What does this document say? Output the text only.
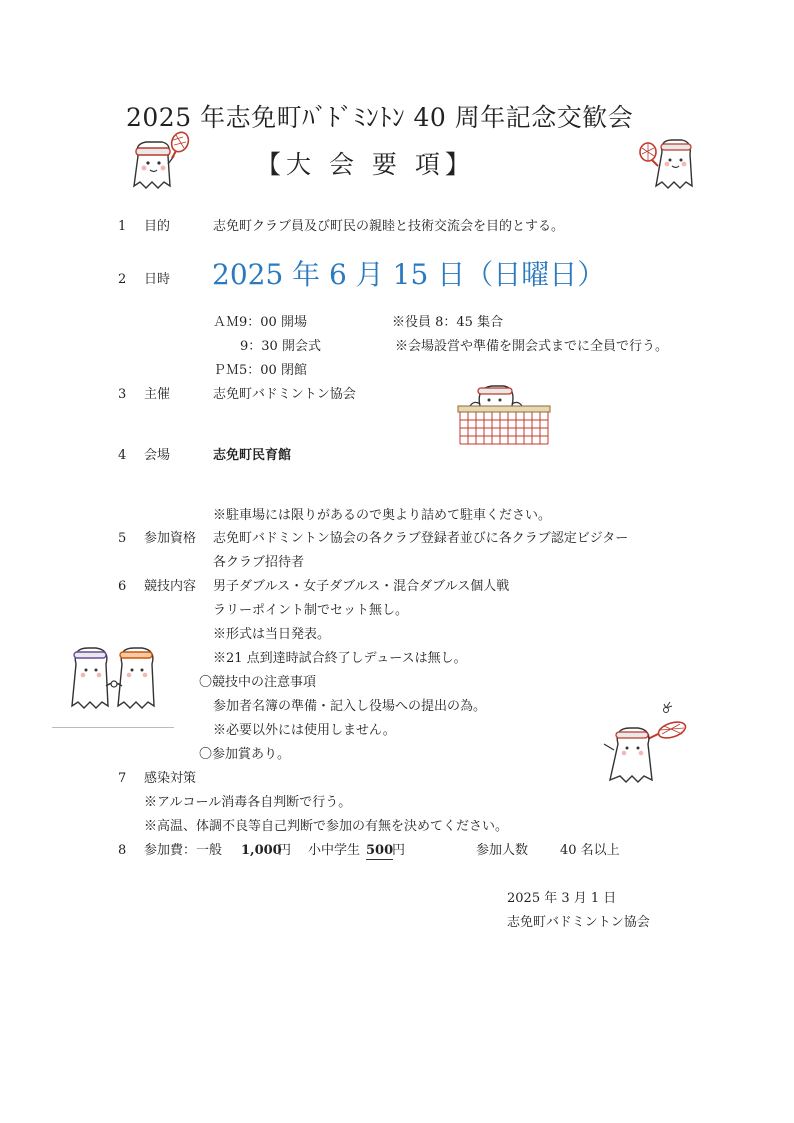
2025 年志免町ﾊﾞﾄﾞﾐﾝﾄﾝ 40 周年記念交歓会
【大 会 要 項】
1 目的	志免町クラブ員及び町民の親睦と技術交流会を目的とする。
2 日時 2025 年 6 月 15 日（日曜日）
ＡＭ9：00 開場
9：30 開会式
ＰＭ5：00 閉館
※役員 8：45 集合
※会場設営や準備を開会式までに全員で行う。
3 主催	志免町バドミントン協会
4 会場	志免町民育館
※駐車場には限りがあるので奥より詰めて駐車ください。
5 参加資格 志免町バドミントン協会の各クラブ登録者並びに各クラブ認定ビジター
各クラブ招待者
6 競技内容 男子ダブルス・女子ダブルス・混合ダブルス個人戦
ラリーポイント制でセット無し。
※形式は当日発表。
※21 点到達時試合終了しデュースは無し。
〇競技中の注意事項
参加者名簿の準備・記入し役場への提出の為。
※必要以外には使用しません。
〇参加賞あり。
7 感染対策
※アルコール消毒各自判断で行う。
※高温、体調不良等自己判断で参加の有無を決めてください。
8 参加費：一般 1,000
円 小中学生 500
円	参加人数 40 名以上
2025 年 3 月 1 日
志免町バドミントン協会
